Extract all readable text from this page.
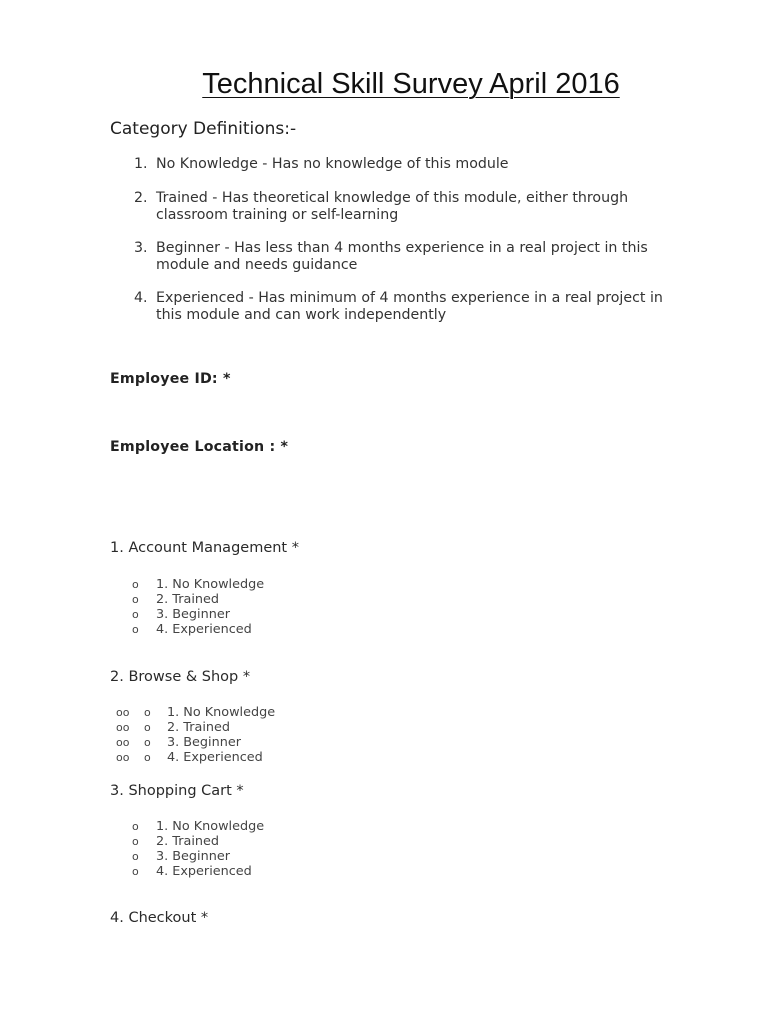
Technical Skill Survey April 2016
Category Definitions:-
1. No Knowledge - Has no knowledge of this module
2. Trained - Has theoretical knowledge of this module, either through
classroom training or self-learning
3. Beginner - Has less than 4 months experience in a real project in this
module and needs guidance
4. Experienced - Has minimum of 4 months experience in a real project in
this module and can work independently
Employee ID: *
Employee Location : *
1. Account Management *
o 1. No Knowledge
o 2. Trained
o 3. Beginner
o 4. Experienced
2. Browse & Shop *
oo o 1. No Knowledge
oo o 2. Trained
oo o 3. Beginner
oo o 4. Experienced
3. Shopping Cart *
o 1. No Knowledge
o 2. Trained
o 3. Beginner
o 4. Experienced
4. Checkout *
